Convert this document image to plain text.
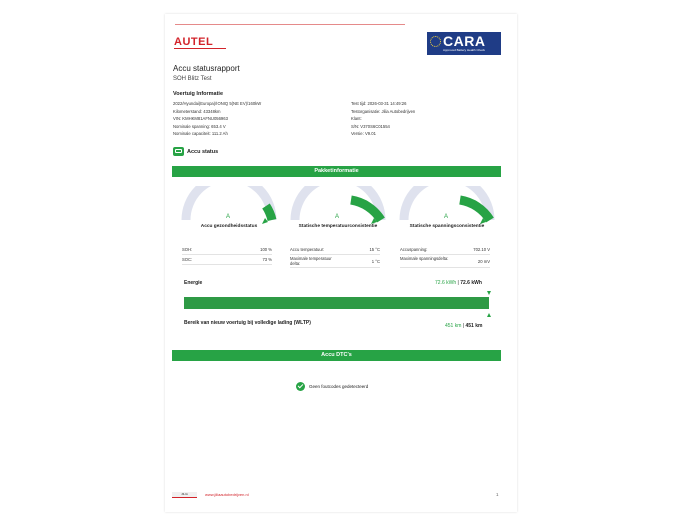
AUTEL	CARA
Approved Battery Health Check
Accu statusrapport
SOH Blitz Test
Voertuig Informatie
2022/Hyundai(Europa)/IONIQ 5(NE EV)/160kW
Kilometerstand: 43348km
VIN: KMHKM81AFNU056963
Nominale spanning: 653.4 V
Nominale capaciteit: 111.2 Ah
Test tijd: 2026-03-31 14:49:26
Testorganisatie: Jilia Autobedrijven
Klant:
S/N: V370S6C01554
Versie: V9.01
Accu status
Pakketinformatie
A
Accu gezondheidsstatus
A
Statische temperatuurconsistentie
A
Statische spanningsconsistentie
SOH:	100 %
SOC:	73 %
Accu temperatuur:	15 °C
Maximale temperatuur delta:	1 °C
Accuspanning:	702.10 V
Maximale spanningsdelta:
20 mV
Energie	72.6 kWh | 72.6 kWh
Bereik van nieuw voertuig bij volledige lading (WLTP)	451 km | 451 km
Accu DTC's
Geen foutcodes gedetecteerd
JILIA	www.jiliaautobedrijven.nl	1
